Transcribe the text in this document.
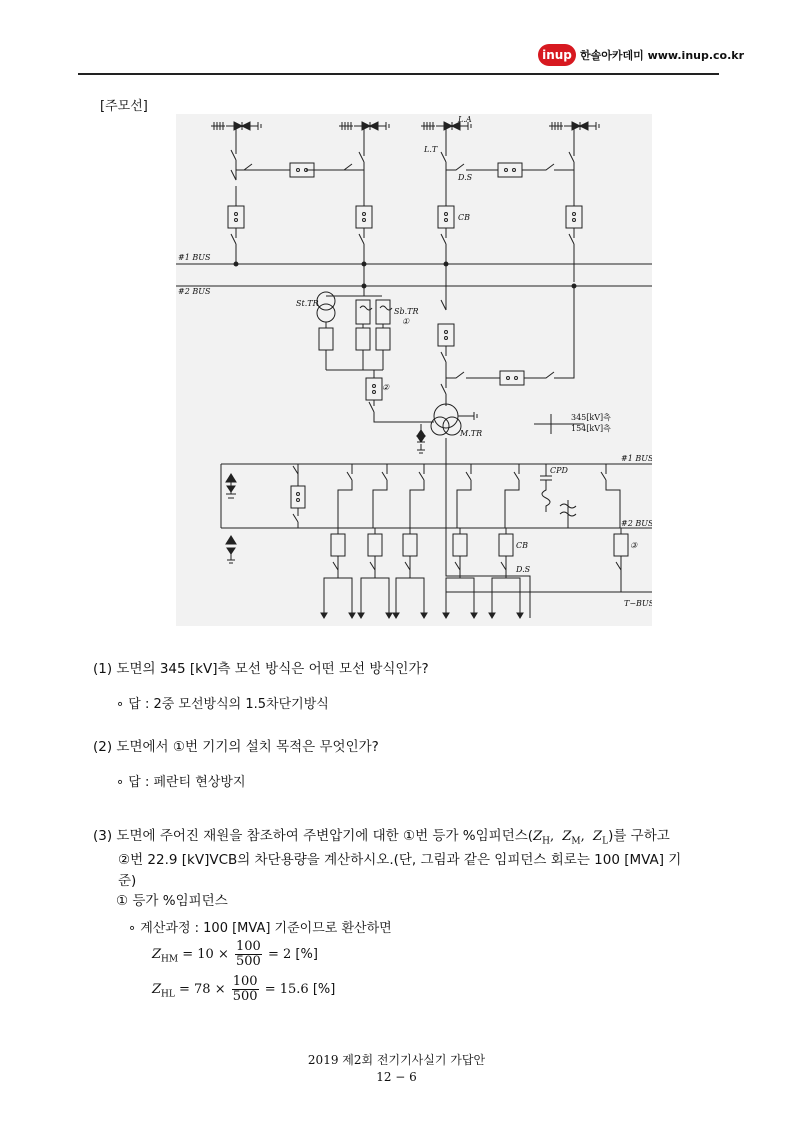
inup 한솔아카데미 www.inup.co.kr
[주모선]
L.A
L.T
D.S
CB
#1 BUS
#2 BUS
St.TR
Sb.TR
①
②
M.TR
345[kV]측
154[kV]측
#1 BUS
#2 BUS
CPD
CB
D.S
③
T−BUS
(1) 도면의 345 [kV]측 모선 방식은 어떤 모선 방식인가?
∘ 답 : 2중 모선방식의 1.5차단기방식
(2) 도면에서 ①번 기기의 설치 목적은 무엇인가?
∘ 답 : 페란티 현상방지
(3) 도면에 주어진 재원을 참조하여 주변압기에 대한 ①번 등가 %임피던스($Z_H$,  $Z_M$,  $Z_L$)를 구하고
②번 22.9 [kV]VCB의 차단용량을 계산하시오.(단, 그림과 같은 임피던스 회로는 100 [MVA] 기
준)
① 등가 %임피던스
∘ 계산과정 : 100 [MVA] 기준이므로 환산하면
$Z_{HM} = 10 \times \frac{100}{500} = 2$ [%]
$Z_{HL} = 78 \times \frac{100}{500} = 15.6$ [%]
2019 제2회 전기기사실기 가답안
12 − 6
